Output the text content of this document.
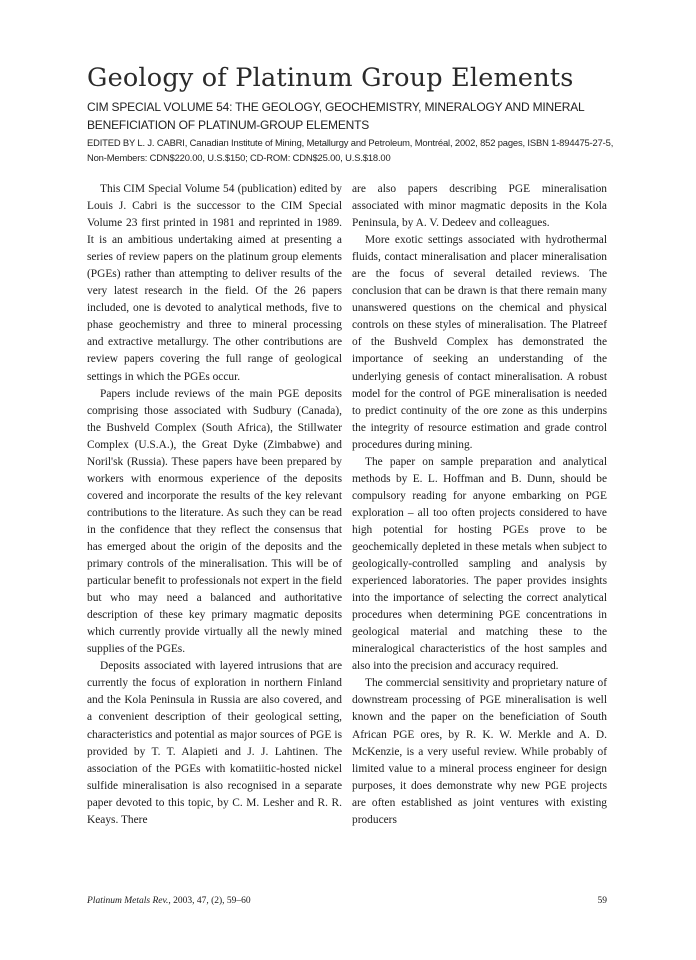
Geology of Platinum Group Elements
CIM SPECIAL VOLUME 54: THE GEOLOGY, GEOCHEMISTRY, MINERALOGY AND MINERAL BENEFICIATION OF PLATINUM-GROUP ELEMENTS
EDITED BY L. J. CABRI, Canadian Institute of Mining, Metallurgy and Petroleum, Montréal, 2002, 852 pages, ISBN 1-894475-27-5, Non-Members: CDN$220.00, U.S.$150; CD-ROM: CDN$25.00, U.S.$18.00

This CIM Special Volume 54 (publication) edited by Louis J. Cabri is the successor to the CIM Special Volume 23 first printed in 1981 and reprinted in 1989. It is an ambitious undertaking aimed at presenting a series of review papers on the platinum group elements (PGEs) rather than attempting to deliver results of the very latest research in the field. Of the 26 papers included, one is devoted to analytical methods, five to phase geochemistry and three to mineral processing and extractive metallurgy. The other contributions are review papers covering the full range of geological settings in which the PGEs occur.

Papers include reviews of the main PGE deposits comprising those associated with Sudbury (Canada), the Bushveld Complex (South Africa), the Stillwater Complex (U.S.A.), the Great Dyke (Zimbabwe) and Noril'sk (Russia). These papers have been prepared by workers with enormous experience of the deposits covered and incorporate the results of the key relevant contributions to the literature. As such they can be read in the confidence that they reflect the consensus that has emerged about the origin of the deposits and the primary controls of the mineralisation. This will be of particular benefit to professionals not expert in the field but who may need a balanced and authoritative description of these key primary magmatic deposits which currently provide virtually all the newly mined supplies of the PGEs.

Deposits associated with layered intrusions that are currently the focus of exploration in northern Finland and the Kola Peninsula in Russia are also covered, and a convenient description of their geological setting, characteristics and potential as major sources of PGE is provided by T. T. Alapieti and J. J. Lahtinen. The association of the PGEs with komatiitic-hosted nickel sulfide mineralisation is also recognised in a separate paper devoted to this topic, by C. M. Lesher and R. R. Keays. There

are also papers describing PGE mineralisation associated with minor magmatic deposits in the Kola Peninsula, by A. V. Dedeev and colleagues.

More exotic settings associated with hydrothermal fluids, contact mineralisation and placer mineralisation are the focus of several detailed reviews. The conclusion that can be drawn is that there remain many unanswered questions on the chemical and physical controls on these styles of mineralisation. The Platreef of the Bushveld Complex has demonstrated the importance of seeking an understanding of the underlying genesis of contact mineralisation. A robust model for the control of PGE mineralisation is needed to predict continuity of the ore zone as this underpins the integrity of resource estimation and grade control procedures during mining.

The paper on sample preparation and analytical methods by E. L. Hoffman and B. Dunn, should be compulsory reading for anyone embarking on PGE exploration – all too often projects considered to have high potential for hosting PGEs prove to be geochemically depleted in these metals when subject to geologically-controlled sampling and analysis by experienced laboratories. The paper provides insights into the importance of selecting the correct analytical procedures when determining PGE concentrations in geological material and matching these to the mineralogical characteristics of the host samples and also into the precision and accuracy required.

The commercial sensitivity and proprietary nature of downstream processing of PGE mineralisation is well known and the paper on the beneficiation of South African PGE ores, by R. K. W. Merkle and A. D. McKenzie, is a very useful review. While probably of limited value to a mineral process engineer for design purposes, it does demonstrate why new PGE projects are often established as joint ventures with existing producers

Platinum Metals Rev., 2003, 47, (2), 59–60	59
